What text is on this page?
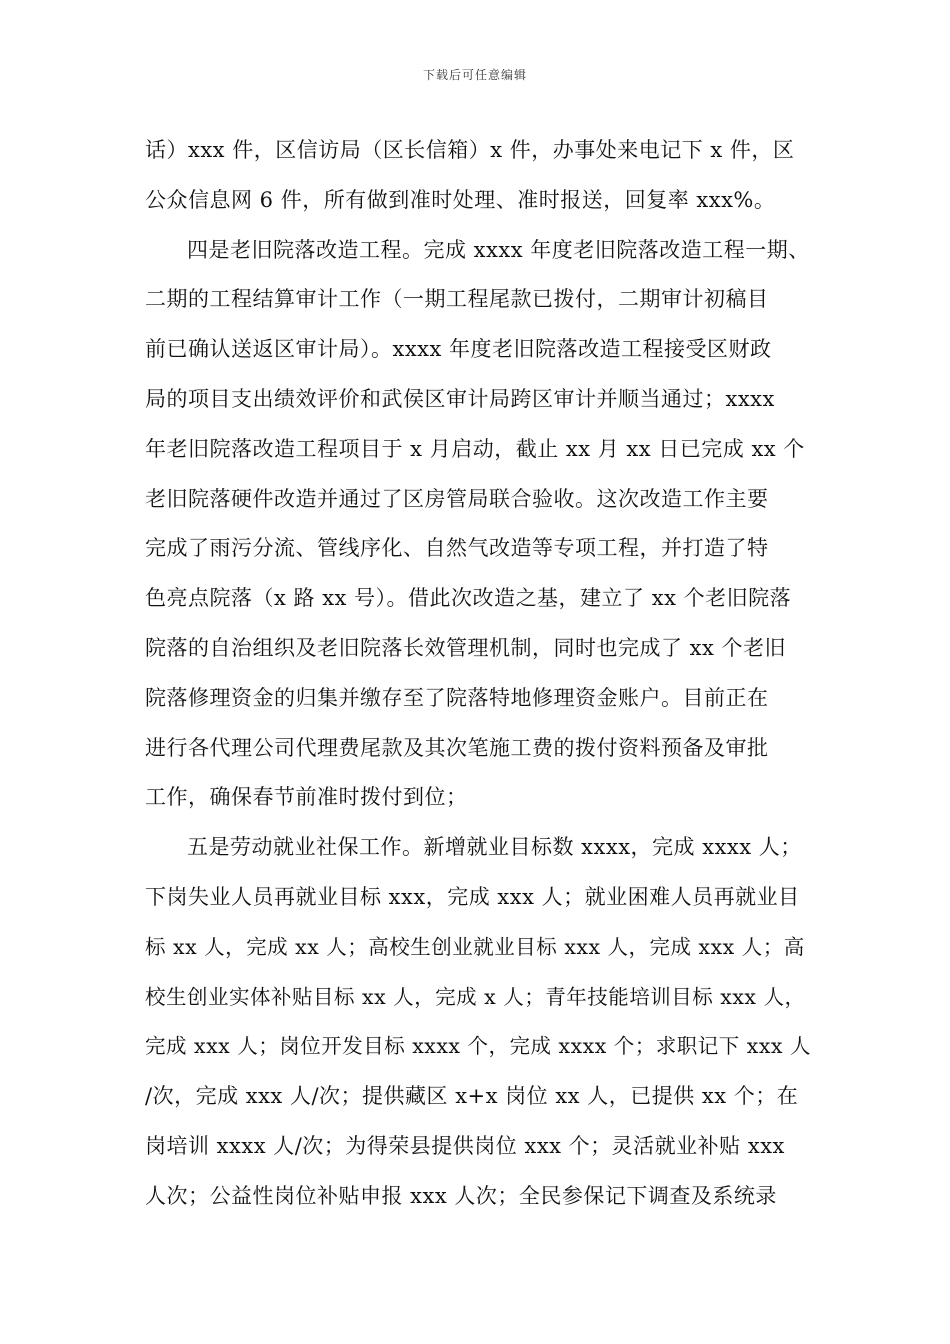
下载后可任意编辑
话）xxx 件，区信访局（区长信箱）x 件，办事处来电记下 x 件，区
公众信息网 6 件，所有做到准时处理、准时报送，回复率 xxx%。
四是老旧院落改造工程。完成 xxxx 年度老旧院落改造工程一期、
二期的工程结算审计工作（一期工程尾款已拨付，二期审计初稿目
前已确认送返区审计局）。xxxx 年度老旧院落改造工程接受区财政
局的项目支出绩效评价和武侯区审计局跨区审计并顺当通过；xxxx
年老旧院落改造工程项目于 x 月启动，截止 xx 月 xx 日已完成 xx 个
老旧院落硬件改造并通过了区房管局联合验收。这次改造工作主要
完成了雨污分流、管线序化、自然气改造等专项工程，并打造了特
色亮点院落（x 路 xx 号）。借此次改造之基，建立了 xx 个老旧院落
院落的自治组织及老旧院落长效管理机制，同时也完成了 xx 个老旧
院落修理资金的归集并缴存至了院落特地修理资金账户。目前正在
进行各代理公司代理费尾款及其次笔施工费的拨付资料预备及审批
工作，确保春节前准时拨付到位；
五是劳动就业社保工作。新增就业目标数 xxxx，完成 xxxx 人；
下岗失业人员再就业目标 xxx，完成 xxx 人；就业困难人员再就业目
标 xx 人，完成 xx 人；高校生创业就业目标 xxx 人，完成 xxx 人；高
校生创业实体补贴目标 xx 人，完成 x 人；青年技能培训目标 xxx 人，
完成 xxx 人；岗位开发目标 xxxx 个，完成 xxxx 个；求职记下 xxx 人
/次，完成 xxx 人/次；提供藏区 x+x 岗位 xx 人，已提供 xx 个；在
岗培训 xxxx 人/次；为得荣县提供岗位 xxx 个；灵活就业补贴 xxx
人次；公益性岗位补贴申报 xxx 人次；全民参保记下调查及系统录
